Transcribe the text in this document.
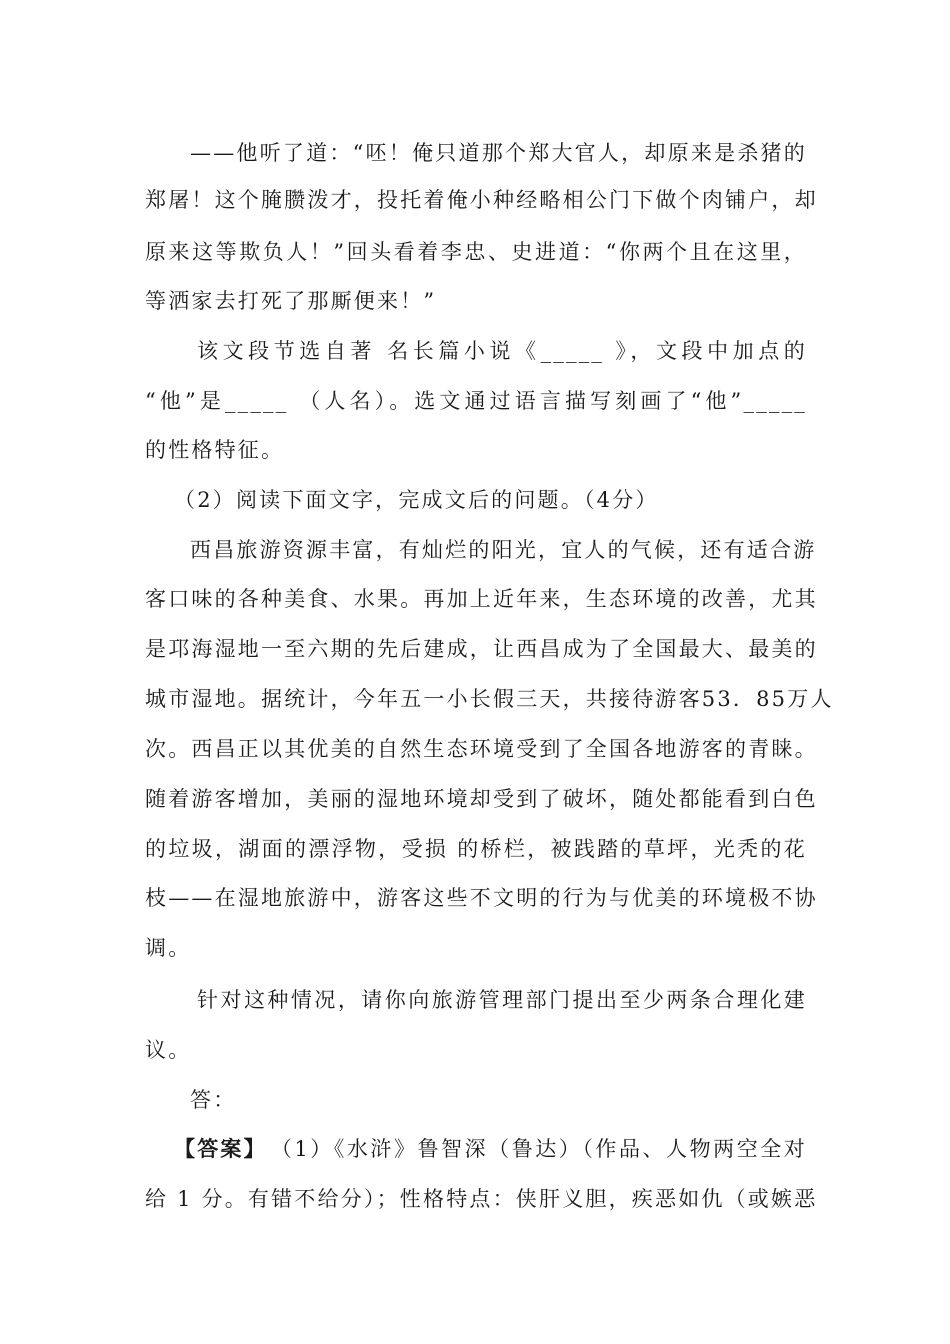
——他听了道：“呸！俺只道那个郑大官人，却原来是杀猪的
郑屠！这个腌臜泼才，投托着俺小种经略相公门下做个肉铺户，却
原来这等欺负人！”回头看着李忠、史进道：“你两个且在这里，
等洒家去打死了那厮便来！”
该文段节选自著 名长篇小说《_____ 》，文段中加点的
“他”是_____ （人名）。选文通过语言描写刻画了“他”_____
的性格特征。
（2）阅读下面文字，完成文后的问题。（4分）
西昌旅游资源丰富，有灿烂的阳光，宜人的气候，还有适合游
客口味的各种美食、水果。再加上近年来，生态环境的改善，尤其
是邛海湿地一至六期的先后建成，让西昌成为了全国最大、最美的
城市湿地。据统计，今年五一小长假三天，共接待游客53．85万人
次。西昌正以其优美的自然生态环境受到了全国各地游客的青睐。
随着游客增加，美丽的湿地环境却受到了破坏，随处都能看到白色
的垃圾，湖面的漂浮物，受损 的桥栏，被践踏的草坪，光秃的花
枝——在湿地旅游中，游客这些不文明的行为与优美的环境极不协
调。
针对这种情况，请你向旅游管理部门提出至少两条合理化建
议。
答：
【答案】 （1）《水浒》鲁智深（鲁达）（作品、人物两空全对
给 1 分。有错不给分）；性格特点：侠肝义胆，疾恶如仇（或嫉恶
